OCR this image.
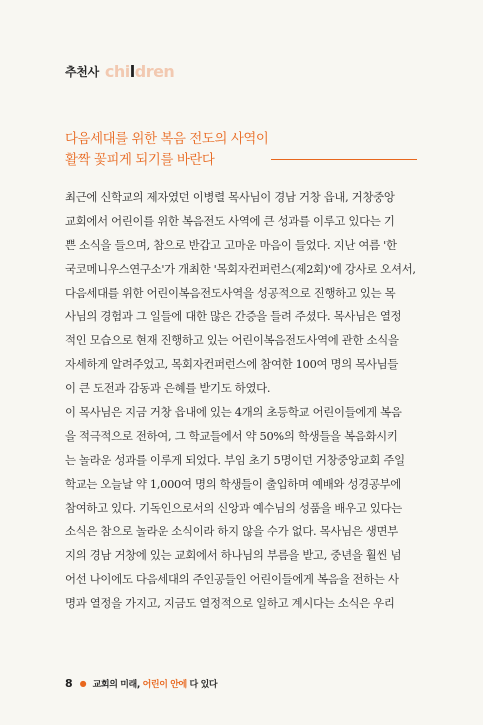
추천사 children
다음세대를 위한 복음 전도의 사역이
활짝 꽃피게 되기를 바란다
최근에 신학교의 제자였던 이병렬 목사님이 경남 거창 읍내, 거창중앙
교회에서 어린이를 위한 복음전도 사역에 큰 성과를 이루고 있다는 기
쁜 소식을 들으며, 참으로 반갑고 고마운 마음이 들었다. 지난 여름 '한
국코메니우스연구소'가 개최한 '목회자컨퍼런스(제2회)'에 강사로 오셔서,
다음세대를 위한 어린이복음전도사역을 성공적으로 진행하고 있는 목
사님의 경험과 그 일들에 대한 많은 간증을 들려 주셨다. 목사님은 열정
적인 모습으로 현재 진행하고 있는 어린이복음전도사역에 관한 소식을
자세하게 알려주었고, 목회자컨퍼런스에 참여한 100여 명의 목사님들
이 큰 도전과 감동과 은혜를 받기도 하였다.
이 목사님은 지금 거창 읍내에 있는 4개의 초등학교 어린이들에게 복음
을 적극적으로 전하여, 그 학교들에서 약 50%의 학생들을 복음화시키
는 놀라운 성과를 이루게 되었다. 부임 초기 5명이던 거창중앙교회 주일
학교는 오늘날 약 1,000여 명의 학생들이 출입하며 예배와 성경공부에
참여하고 있다. 기독인으로서의 신앙과 예수님의 성품을 배우고 있다는
소식은 참으로 놀라운 소식이라 하지 않을 수가 없다. 목사님은 생면부
지의 경남 거창에 있는 교회에서 하나님의 부름을 받고, 중년을 훨씬 넘
어선 나이에도 다음세대의 주인공들인 어린이들에게 복음을 전하는 사
명과 열정을 가지고, 지금도 열정적으로 일하고 계시다는 소식은 우리
8 ● 교회의 미래, 어린이 안에 다 있다
